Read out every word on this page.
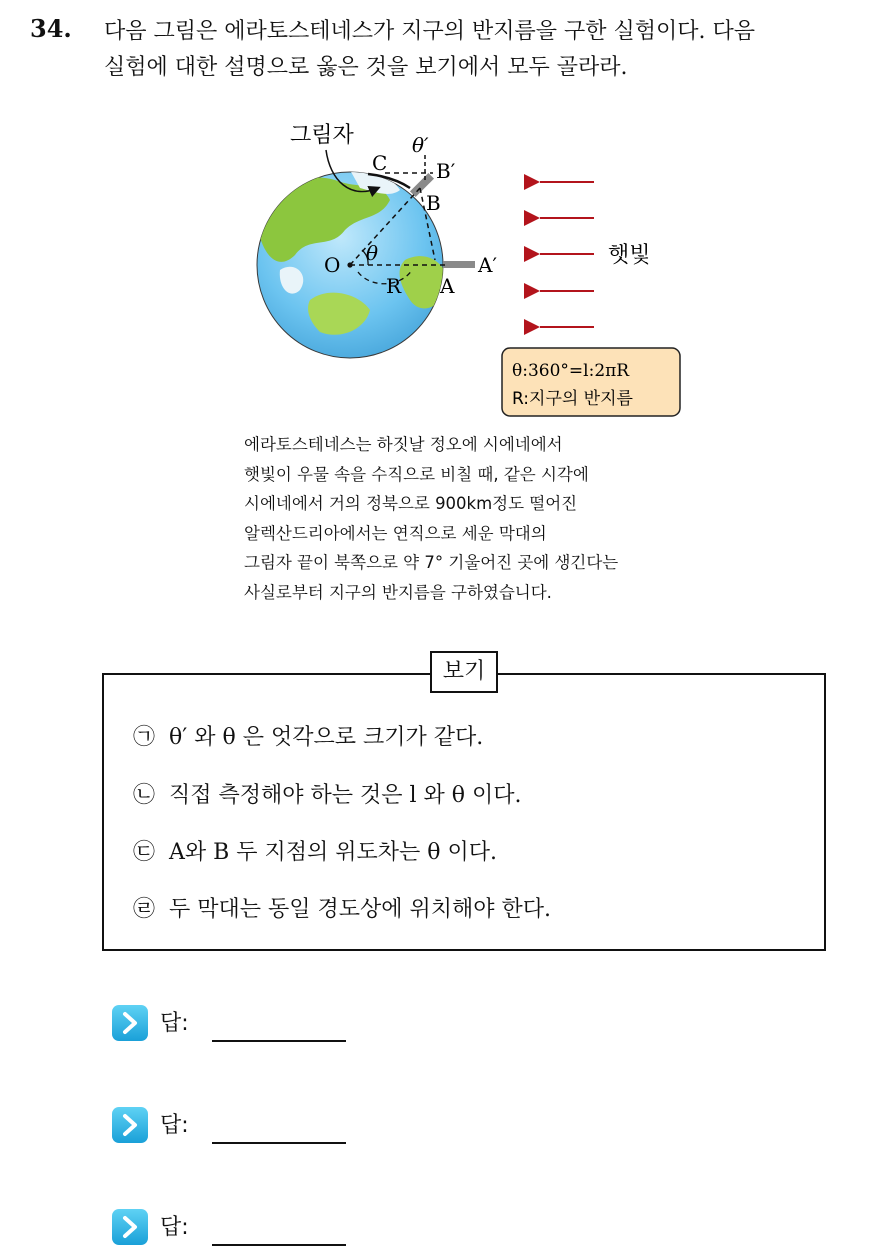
34. 다음 그림은 에라토스테네스가 지구의 반지름을 구한 실험이다. 다음
실험에 대한 설명으로 옳은 것을 보기에서 모두 골라라.
그림자	θ′
C B′
B
θ
O
R A
A′	햇빛
θ:360°=l:2πR
R:지구의 반지름
에라토스테네스는 하짓날 정오에 시에네에서
햇빛이 우물 속을 수직으로 비칠 때, 같은 시각에
시에네에서 거의 정북으로 900km정도 떨어진
알렉산드리아에서는 연직으로 세운 막대의
그림자 끝이 북쪽으로 약 7° 기울어진 곳에 생긴다는
사실로부터 지구의 반지름을 구하였습니다.
보기
㉠ θ′ 와 θ 은 엇각으로 크기가 같다.
㉡ 직접 측정해야 하는 것은 l 와 θ 이다.
㉢ A와 B 두 지점의 위도차는 θ 이다.
㉣ 두 막대는 동일 경도상에 위치해야 한다.
답:
답:
답:
